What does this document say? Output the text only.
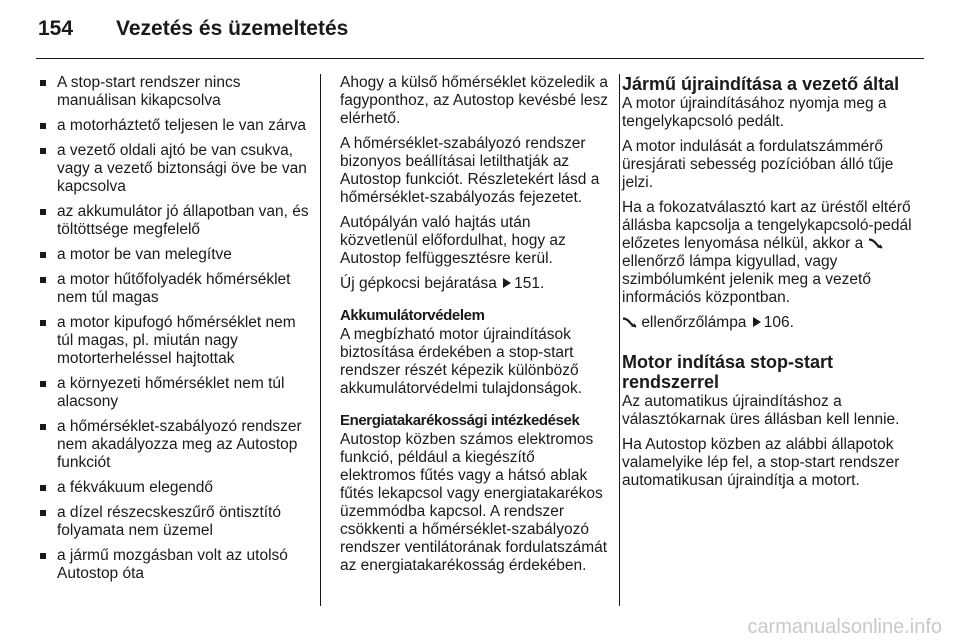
154 Vezetés és üzemeltetés
A stop-start rendszer nincs manuálisan kikapcsolva
a motorháztető teljesen le van zárva
a vezető oldali ajtó be van csukva, vagy a vezető biztonsági öve be van kapcsolva
az akkumulátor jó állapotban van, és töltöttsége megfelelő
a motor be van melegítve
a motor hűtőfolyadék hőmérséklet nem túl magas
a motor kipufogó hőmérséklet nem túl magas, pl. miután nagy motorterheléssel hajtottak
a környezeti hőmérséklet nem túl alacsony
a hőmérséklet-szabályozó rendszer nem akadályozza meg az Autostop funkciót
a fékvákuum elegendő
a dízel részecskeszűrő öntisztító folyamata nem üzemel
a jármű mozgásban volt az utolsó Autostop óta

Ahogy a külső hőmérséklet közeledik a fagyponthoz, az Autostop kevésbé lesz elérhető.

A hőmérséklet-szabályozó rendszer bizonyos beállításai letilthatják az Autostop funkciót. Részletekért lásd a hőmérséklet-szabályozás fejezetet.

Autópályán való hajtás után közvetlenül előfordulhat, hogy az Autostop felfüggesztésre kerül.

Új gépkocsi bejáratása 151.

Akkumulátorvédelem

A megbízható motor újraindítások biztosítása érdekében a stop-start rendszer részét képezik különböző akkumulátorvédelmi tulajdonságok.

Energiatakarékossági intézkedések

Autostop közben számos elektromos funkció, például a kiegészítő elektromos fűtés vagy a hátsó ablak fűtés lekapcsol vagy energiatakarékos üzemmódba kapcsol. A rendszer csökkenti a hőmérséklet-szabályozó rendszer ventilátorának fordulatszámát az energiatakarékosság érdekében.

Jármű újraindítása a vezető által

A motor újraindításához nyomja meg a tengelykapcsoló pedált.

A motor indulását a fordulatszámmérő üresjárati sebesség pozícióban álló tűje jelzi.

Ha a fokozatválasztó kart az üréstől eltérő állásba kapcsolja a tengelykapcsoló-pedál előzetes lenyomása nélkül, akkor a  ellenőrző lámpa kigyullad, vagy szimbólumként jelenik meg a vezető információs központban.

ellenőrzőlámpa 106.

Motor indítása stop-start rendszerrel

Az automatikus újraindításhoz a választókarnak üres állásban kell lennie.

Ha Autostop közben az alábbi állapotok valamelyike lép fel, a stop-start rendszer automatikusan újraindítja a motort.

carmanualsonline.info
